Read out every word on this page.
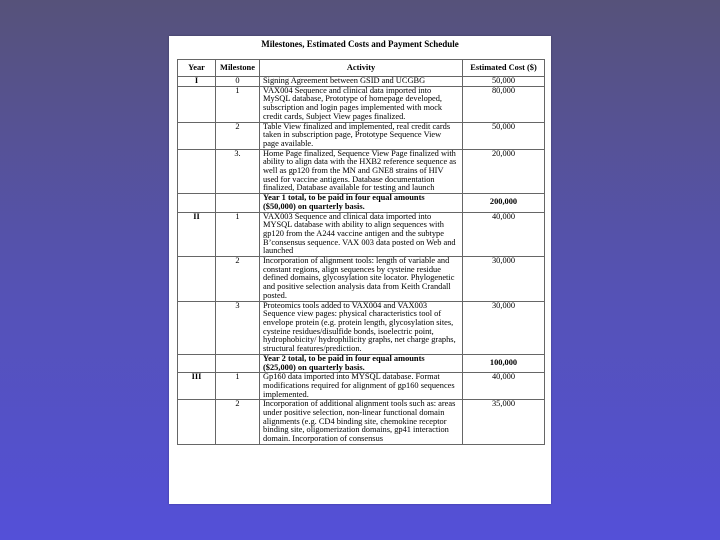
Milestones, Estimated Costs and Payment Schedule
Year	Milestone	Activity	Estimated Cost ($)
I	0	Signing Agreement between GSID and UCGBG	50,000
	1	VAX004 Sequence and clinical data imported into MySQL database, Prototype of homepage developed, subscription and login pages implemented with mock credit cards, Subject View pages finalized.	80,000
	2	Table View finalized and implemented, real credit cards taken in subscription page, Prototype Sequence View page available.	50,000
	3.	Home Page finalized, Sequence View Page finalized with ability to align data with the HXB2 reference sequence as well as gp120 from the MN and GNE8 strains of HIV used for vaccine antigens. Database documentation finalized, Database available for testing and launch	20,000
		Year 1 total, to be paid in four equal amounts ($50,000) on quarterly basis.	200,000
II	1	VAX003 Sequence and clinical data imported into MYSQL database with ability to align sequences with gp120 from the A244 vaccine antigen and the subtype B’consensus sequence. VAX 003 data posted on Web and launched	40,000
	2	Incorporation of alignment tools: length of variable and constant regions, align sequences by cysteine residue defined domains, glycosylation site locator. Phylogenetic and positive selection analysis data from Keith Crandall posted.	30,000
	3	Proteomics tools added to VAX004 and VAX003 Sequence view pages: physical characteristics tool of envelope protein (e.g. protein length, glycosylation sites, cysteine residues/disulfide bonds, isoelectric point, hydrophobicity/ hydrophilicity graphs, net charge graphs, structural features/prediction.	30,000
		Year 2 total, to be paid in four equal amounts ($25,000) on quarterly basis.	100,000
III	1	Gp160 data imported into MYSQL database. Format modifications required for alignment of gp160 sequences implemented.	40,000
	2	Incorporation of additional alignment tools such as: areas under positive selection, non-linear functional domain alignments (e.g. CD4 binding site, chemokine receptor binding site, oligomerization domains, gp41 interaction domain. Incorporation of consensus	35,000
